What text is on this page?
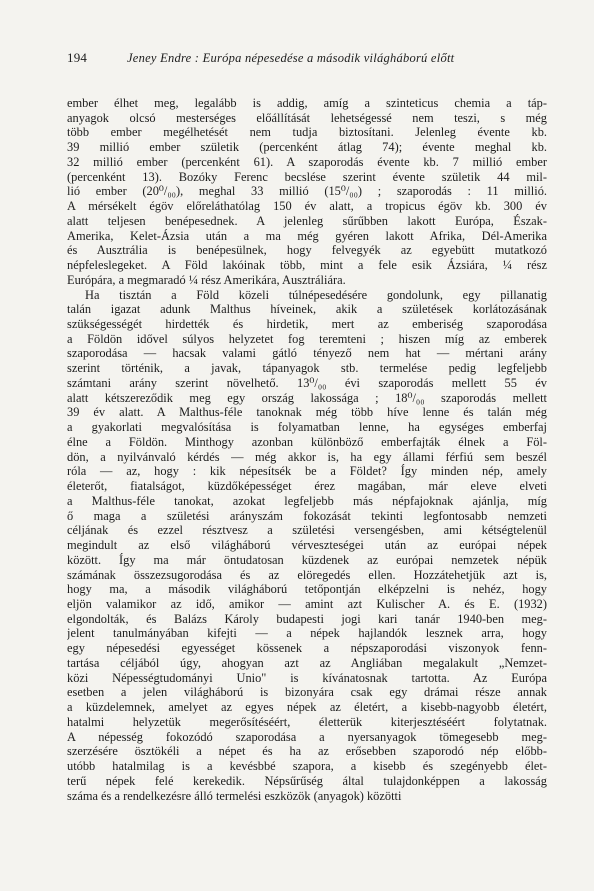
194	Jeney Endre : Európa népesedése a második világháború előtt
ember élhet meg, legalább is addig, amíg a szinteticus chemia a táp-
anyagok olcsó mesterséges előállítását lehetségessé nem teszi, s még
több ember megélhetését nem tudja biztosítani. Jelenleg évente kb.
39 millió ember születik (percenként átlag 74); évente meghal kb.
32 millió ember (percenként 61). A szaporodás évente kb. 7 millió ember
(percenként 13). Bozóky Ferenc becslése szerint évente születik 44 mil-
lió ember (20⁰/₀₀), meghal 33 millió (15⁰/₀₀) ; szaporodás : 11 millió.
A mérsékelt égöv előreláthatólag 150 év alatt, a tropicus égöv kb. 300 év
alatt teljesen benépesednek. A jelenleg sűrűbben lakott Európa, Észak-
Amerika, Kelet-Ázsia után a ma még gyéren lakott Afrika, Dél-Amerika
és Ausztrália is benépesülnek, hogy felvegyék az egyebütt mutatkozó
népfeleslegeket. A Föld lakóinak több, mint a fele esik Ázsiára, ¼ rész
Európára, a megmaradó ¼ rész Amerikára, Ausztráliára.
Ha tisztán a Föld közeli túlnépesedésére gondolunk, egy pillanatig
talán igazat adunk Malthus híveinek, akik a születések korlátozásának
szükségességét hirdették és hirdetik, mert az emberiség szaporodása
a Földön idővel súlyos helyzetet fog teremteni ; hiszen míg az emberek
szaporodása — hacsak valami gátló tényező nem hat — mértani arány
szerint történik, a javak, tápanyagok stb. termelése pedig legfeljebb
számtani arány szerint növelhető. 13⁰/₀₀ évi szaporodás mellett 55 év
alatt kétszereződik meg egy ország lakossága ; 18⁰/₀₀ szaporodás mellett
39 év alatt. A Malthus-féle tanoknak még több híve lenne és talán még
a gyakorlati megvalósítása is folyamatban lenne, ha egységes emberfaj
élne a Földön. Minthogy azonban különböző emberfajták élnek a Föl-
dön, a nyilvánvaló kérdés — még akkor is, ha egy állami férfiú sem beszél
róla — az, hogy : kik népesítsék be a Földet? Így minden nép, amely
életerőt, fiatalságot, küzdőképességet érez magában, már eleve elveti
a Malthus-féle tanokat, azokat legfeljebb más népfajoknak ajánlja, míg
ő maga a születési arányszám fokozását tekinti legfontosabb nemzeti
céljának és ezzel résztvesz a születési versengésben, ami kétségtelenül
megindult az első világháború vérveszteségei után az európai népek
között. Így ma már öntudatosan küzdenek az európai nemzetek népük
számának összezsugorodása és az elöregedés ellen. Hozzátehetjük azt is,
hogy ma, a második világháború tetőpontján elképzelni is nehéz, hogy
eljön valamikor az idő, amikor — amint azt Kulischer A. és E. (1932)
elgondolták, és Balázs Károly budapesti jogi kari tanár 1940-ben meg-
jelent tanulmányában kifejti — a népek hajlandók lesznek arra, hogy
egy népesedési egyességet kössenek a népszaporodási viszonyok fenn-
tartása céljából úgy, ahogyan azt az Angliában megalakult „Nemzet-
közi Népességtudományi Unio" is kívánatosnak tartotta. Az Európa
esetben a jelen világháború is bizonyára csak egy drámai része annak
a küzdelemnek, amelyet az egyes népek az életért, a kisebb-nagyobb életért,
hatalmi helyzetük megerősítéséért, életterük kiterjesztéséért folytatnak.
A népesség fokozódó szaporodása a nyersanyagok tömegesebb meg-
szerzésére ösztökéli a népet és ha az erősebben szaporodó nép előbb-
utóbb hatalmilag is a kevésbbé szapora, a kisebb és szegényebb élet-
terű népek felé kerekedik. Népsűrűség által tulajdonképpen a lakosság
száma és a rendelkezésre álló termelési eszközök (anyagok) közötti
